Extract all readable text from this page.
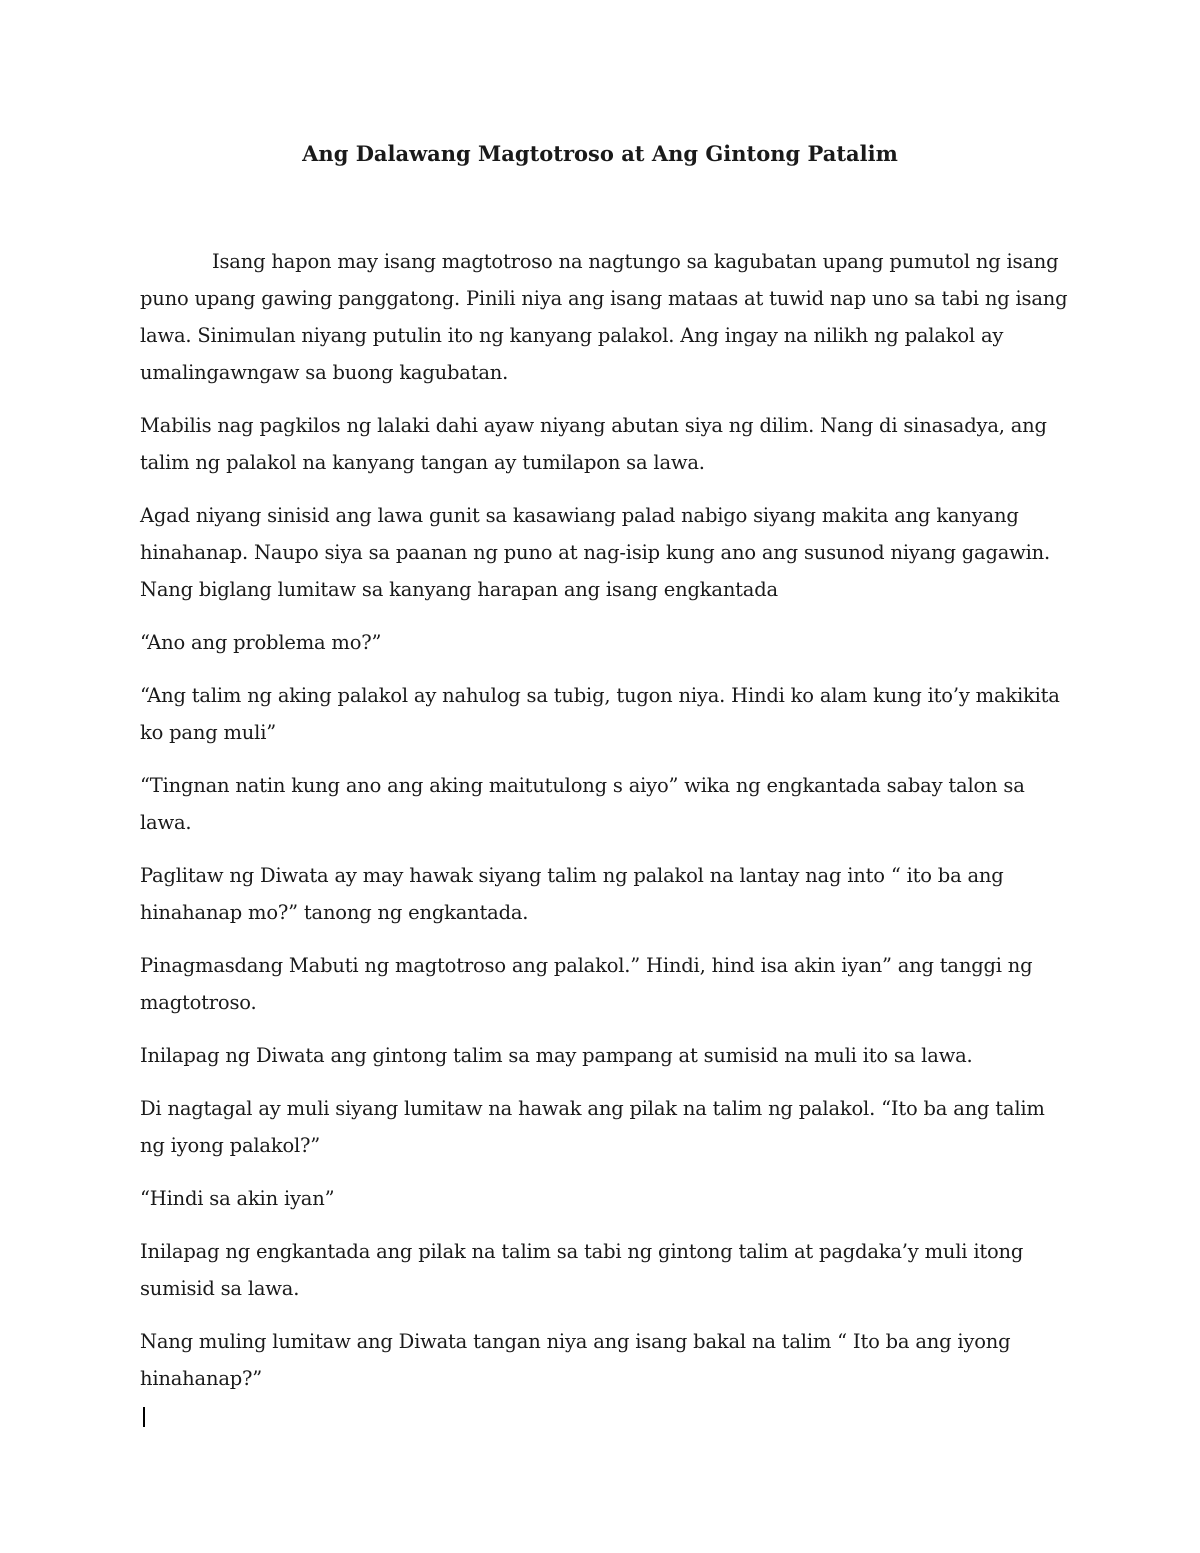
Ang Dalawang Magtotroso at Ang Gintong Patalim

Isang hapon may isang magtotroso na nagtungo sa kagubatan upang pumutol ng isang puno upang gawing panggatong. Pinili niya ang isang mataas at tuwid nap uno sa tabi ng isang lawa. Sinimulan niyang putulin ito ng kanyang palakol. Ang ingay na nilikh ng palakol ay umalingawngaw sa buong kagubatan.

Mabilis nag pagkilos ng lalaki dahi ayaw niyang abutan siya ng dilim. Nang di sinasadya, ang talim ng palakol na kanyang tangan ay tumilapon sa lawa.

Agad niyang sinisid ang lawa gunit sa kasawiang palad nabigo siyang makita ang kanyang hinahanap. Naupo siya sa paanan ng puno at nag-isip kung ano ang susunod niyang gagawin. Nang biglang lumitaw sa kanyang harapan ang isang engkantada

“Ano ang problema mo?”

“Ang talim ng aking palakol ay nahulog sa tubig, tugon niya. Hindi ko alam kung ito’y makikita ko pang muli”

“Tingnan natin kung ano ang aking maitutulong s aiyo” wika ng engkantada sabay talon sa lawa.

Paglitaw ng Diwata ay may hawak siyang talim ng palakol na lantay nag into “ ito ba ang hinahanap mo?” tanong ng engkantada.

Pinagmasdang Mabuti ng magtotroso ang palakol.” Hindi, hind isa akin iyan” ang tanggi ng magtotroso.

Inilapag ng Diwata ang gintong talim sa may pampang at sumisid na muli ito sa lawa.

Di nagtagal ay muli siyang lumitaw na hawak ang pilak na talim ng palakol. “Ito ba ang talim ng iyong palakol?”

“Hindi sa akin iyan”

Inilapag ng engkantada ang pilak na talim sa tabi ng gintong talim at pagdaka’y muli itong sumisid sa lawa.

Nang muling lumitaw ang Diwata tangan niya ang isang bakal na talim “ Ito ba ang iyong hinahanap?”
